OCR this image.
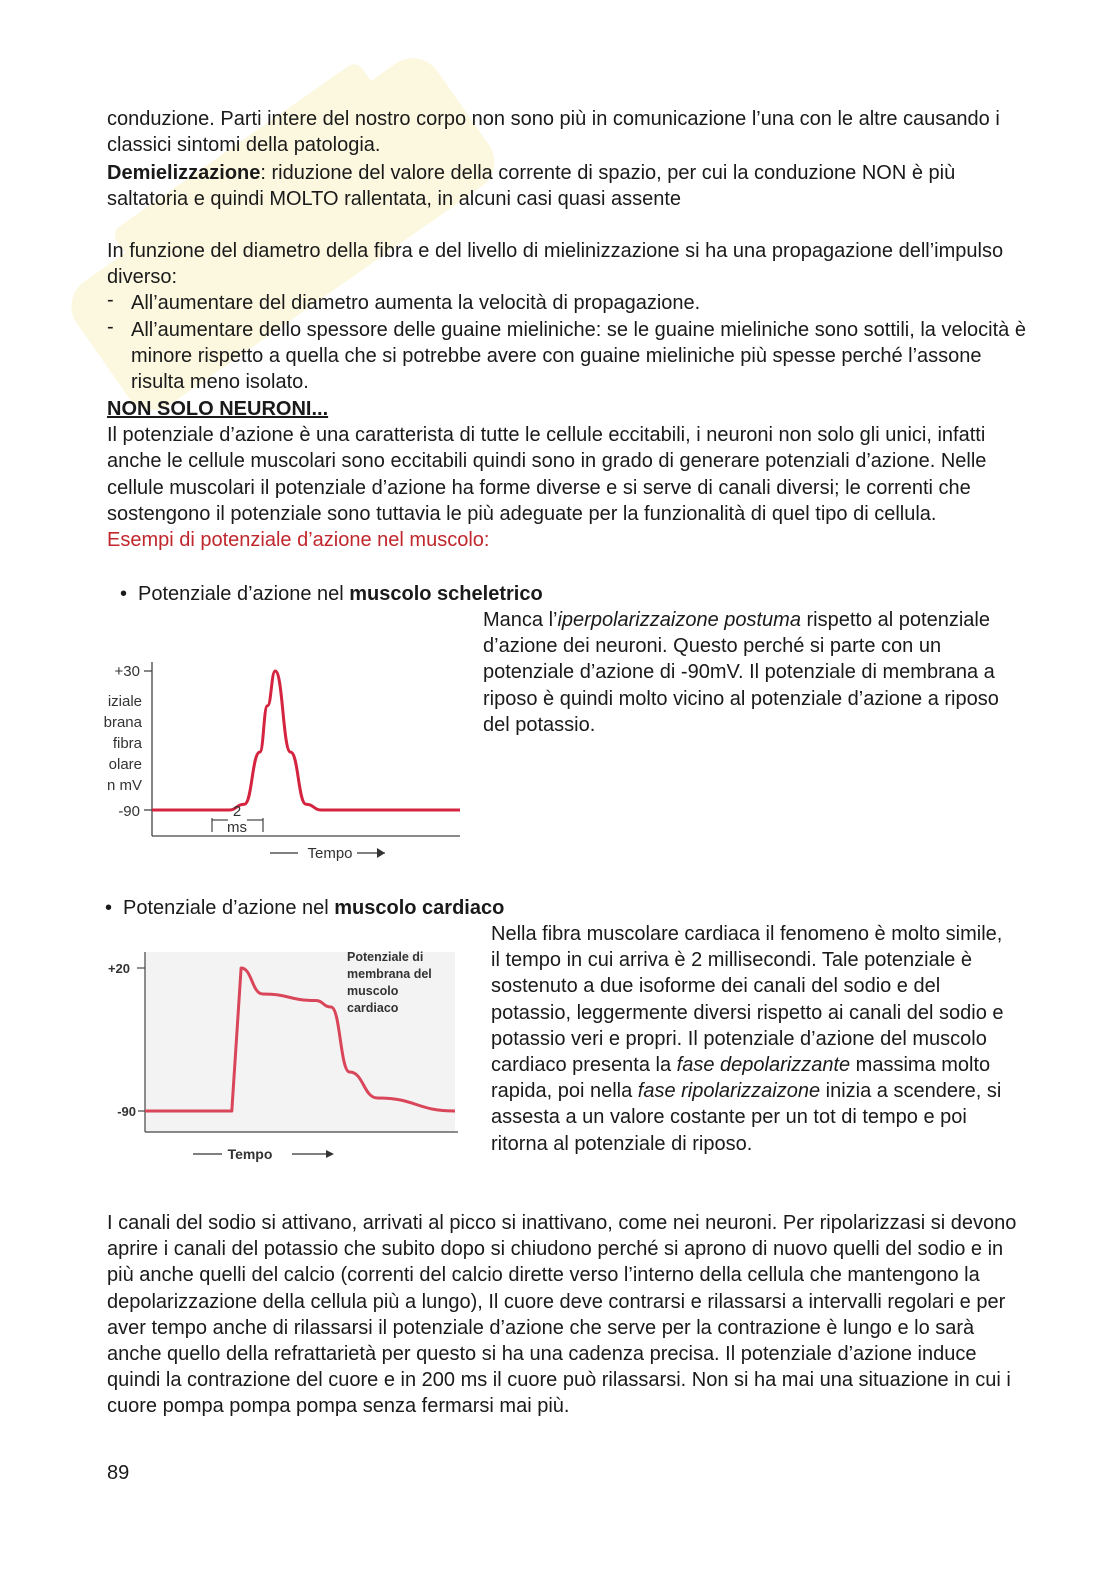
conduzione. Parti intere del nostro corpo non sono più in comunicazione l’una con le altre causando i classici sintomi della patologia.

Demielizzazione: riduzione del valore della corrente di spazio, per cui la conduzione NON è più saltatoria e quindi MOLTO rallentata, in alcuni casi quasi assente

In funzione del diametro della fibra e del livello di mielinizzazione si ha una propagazione dell’impulso diverso:
- All’aumentare del diametro aumenta la velocità di propagazione.
- All’aumentare dello spessore delle guaine mieliniche: se le guaine mieliniche sono sottili, la velocità è minore rispetto a quella che si potrebbe avere con guaine mieliniche più spesse perché l’assone risulta meno isolato.
NON SOLO NEURONI...
Il potenziale d’azione è una caratterista di tutte le cellule eccitabili, i neuroni non solo gli unici, infatti anche le cellule muscolari sono eccitabili quindi sono in grado di generare potenziali d’azione. Nelle cellule muscolari il potenziale d’azione ha forme diverse e si serve di canali diversi; le correnti che sostengono il potenziale sono tuttavia le più adeguate per la funzionalità di quel tipo di cellula.
Esempi di potenziale d’azione nel muscolo:
• Potenziale d’azione nel muscolo scheletrico

Manca l’iperpolarizzaizone postuma rispetto al potenziale d’azione dei neuroni. Questo perché si parte con un potenziale d’azione di -90mV. Il potenziale di membrana a riposo è quindi molto vicino al potenziale d’azione a riposo del potassio.

+30
-90
iziale
brana
fibra
olare
n mV
2
ms
Tempo
• Potenziale d’azione nel muscolo cardiaco

Nella fibra muscolare cardiaca il fenomeno è molto simile, il tempo in cui arriva è 2 millisecondi. Tale potenziale è sostenuto a due isoforme dei canali del sodio e del potassio, leggermente diversi rispetto ai canali del sodio e potassio veri e propri. Il potenziale d’azione del muscolo cardiaco presenta la fase depolarizzante massima molto rapida, poi nella fase ripolarizzaizone inizia a scendere, si assesta a un valore costante per un tot di tempo e poi ritorna al potenziale di riposo.

+20
-90
Potenziale di
membrana del
muscolo
cardiaco
Tempo

I canali del sodio si attivano, arrivati al picco si inattivano, come nei neuroni. Per ripolarizzasi si devono aprire i canali del potassio che subito dopo si chiudono perché si aprono di nuovo quelli del sodio e in più anche quelli del calcio (correnti del calcio dirette verso l’interno della cellula che mantengono la depolarizzazione della cellula più a lungo), Il cuore deve contrarsi e rilassarsi a intervalli regolari e per aver tempo anche di rilassarsi il potenziale d’azione che serve per la contrazione è lungo e lo sarà anche quello della refrattarietà per questo si ha una cadenza precisa. Il potenziale d’azione induce quindi la contrazione del cuore e in 200 ms il cuore può rilassarsi. Non si ha mai una situazione in cui i cuore pompa pompa pompa senza fermarsi mai più.

89
